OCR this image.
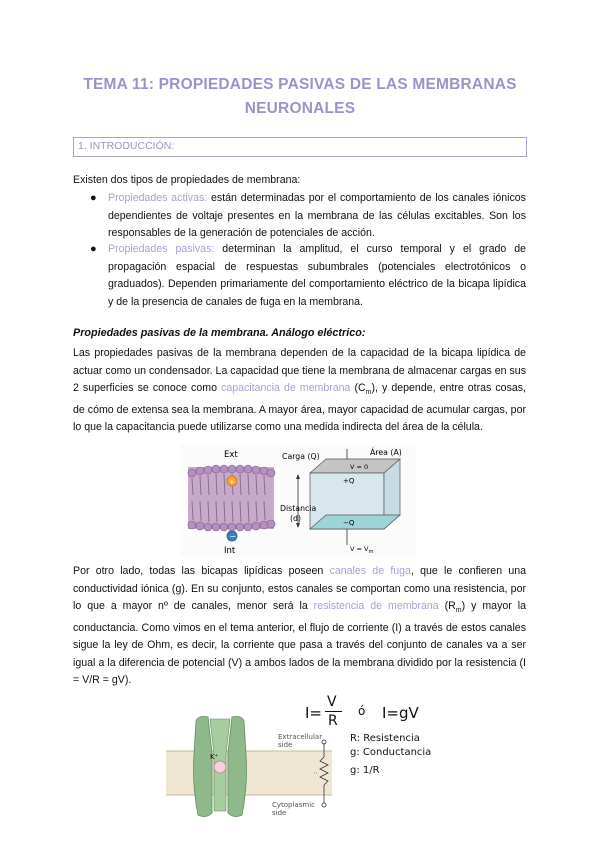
TEMA 11: PROPIEDADES PASIVAS DE LAS MEMBRANAS
NEURONALES
1. INTRODUCCIÓN:
Existen dos tipos de propiedades de membrana:
● Propiedades activas: están determinadas por el comportamiento de los canales iónicos dependientes de voltaje presentes en la membrana de las células excitables. Son los responsables de la generación de potenciales de acción.
● Propiedades pasivas: determinan la amplitud, el curso temporal y el grado de propagación espacial de respuestas subumbrales (potenciales electrotónicos o graduados). Dependen primariamente del comportamiento eléctrico de la bicapa lipídica y de la presencia de canales de fuga en la membrana.
Propiedades pasivas de la membrana. Análogo eléctrico:
Las propiedades pasivas de la membrana dependen de la capacidad de la bicapa lipídica de actuar como un condensador. La capacidad que tiene la membrana de almacenar cargas en sus 2 superficies se conoce como capacitancia de membrana $(C_m)$, y depende, entre otras cosas, de cómo de extensa sea la membrana. A mayor área, mayor capacidad de acumular cargas, por lo que la capacitancia puede utilizarse como una medida indirecta del área de la célula.
+
−
Ext
Int
Carga (Q)	Área (A)
V = 0
+Q
−Q
Distancia
(d)
$V = V_m$
Por otro lado, todas las bicapas lipídicas poseen canales de fuga, que le confieren una conductividad iónica (g). En su conjunto, estos canales se comportan como una resistencia, por lo que a mayor nº de canales, menor será la resistencia de membrana $(R_m)$ y mayor la conductancia. Como vimos en el tema anterior, el flujo de corriente (I) a través de estos canales sigue la ley de Ohm, es decir, la corriente que pasa a través del conjunto de canales va a ser igual a la diferencia de potencial (V) a ambos lados de la membrana dividido por la resistencia (I = V/R = gV).
K⁺
Extracellular
side
Cytoplasmic
side
I=
V
R
ó I=gV
R: Resistencia
g: Conductancia
g: 1/R
